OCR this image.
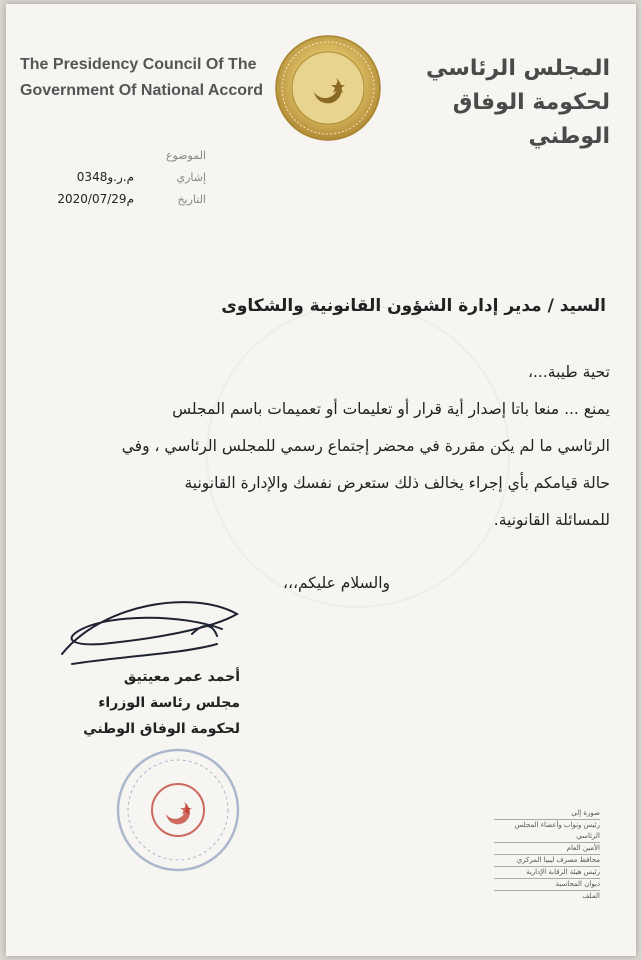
The Presidency Council Of The
Government Of National Accord
المجلس الرئاسي
لحكومة الوفاق الوطني
الموضوع
إشاري
م.ر.و0348
التاريخ
2020/07/29م
السيد / مدير إدارة الشؤون القانونية والشكاوى

تحية طيبة...،

يمنع ... منعا باتا إصدار أية قرار أو تعليمات أو تعميمات باسم المجلس

الرئاسي ما لم يكن مقررة في محضر إجتماع رسمي للمجلس الرئاسي ، وفي

حالة قيامكم بأي إجراء يخالف ذلك ستعرض نفسك والإدارة القانونية

للمسائلة القانونية.

والسلام عليكم،،،

أحمد عمر معيتيق
مجلس رئاسة الوزراء
لحكومة الوفاق الوطني
صورة إلى
رئيس ونواب وأعضاء المجلس الرئاسي
الأمين العام
محافظ مصرف ليبيا المركزي
رئيس هيئة الرقابة الإدارية
ديوان المحاسبة
الملف
